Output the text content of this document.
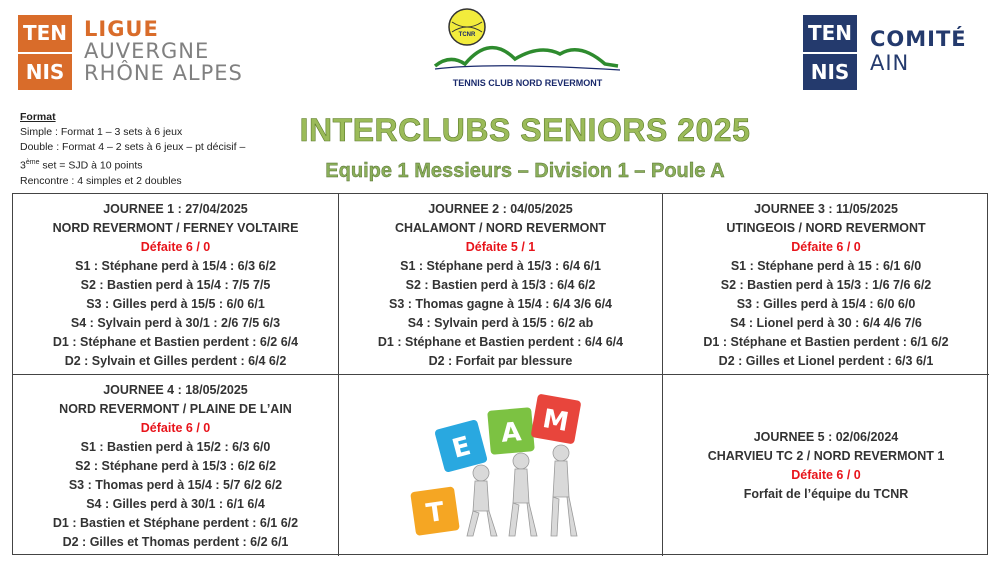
TEN
NIS
LIGUE
AUVERGNE
RHÔNE ALPES
TCNR
TENNIS CLUB NORD REVERMONT
TEN
NIS
COMITÉ
AIN
Format
Simple : Format 1 – 3 sets à 6 jeux
Double : Format 4 – 2 sets à 6 jeux – pt décisif –
3ème set = SJD à 10 points
Rencontre : 4 simples et 2 doubles
INTERCLUBS SENIORS 2025
Equipe 1 Messieurs – Division 1 – Poule A
JOURNEE 1 : 27/04/2025
NORD REVERMONT / FERNEY VOLTAIRE
Défaite 6 / 0
S1 : Stéphane perd à 15/4 : 6/3 6/2
S2 : Bastien perd à 15/4 : 7/5 7/5
S3 : Gilles perd à 15/5 : 6/0 6/1
S4 : Sylvain perd à 30/1 : 2/6 7/5 6/3
D1 : Stéphane et Bastien perdent : 6/2 6/4
D2 : Sylvain et Gilles perdent : 6/4 6/2
JOURNEE 2 : 04/05/2025
CHALAMONT / NORD REVERMONT
Défaite 5 / 1
S1 : Stéphane perd à 15/3 : 6/4 6/1
S2 : Bastien perd à 15/3 : 6/4 6/2
S3 : Thomas gagne à 15/4 : 6/4 3/6 6/4
S4 : Sylvain perd à 15/5 : 6/2 ab
D1 : Stéphane et Bastien perdent : 6/4 6/4
D2 : Forfait par blessure
JOURNEE 3 : 11/05/2025
UTINGEOIS / NORD REVERMONT
Défaite 6 / 0
S1 : Stéphane perd à 15 : 6/1 6/0
S2 : Bastien perd à 15/3 : 1/6 7/6 6/2
S3 : Gilles perd à 15/4 : 6/0 6/0
S4 : Lionel perd à 30 : 6/4 4/6 7/6
D1 : Stéphane et Bastien perdent : 6/1 6/2
D2 : Gilles et Lionel perdent : 6/3 6/1
JOURNEE 4 : 18/05/2025
NORD REVERMONT / PLAINE DE L’AIN
Défaite 6 / 0
S1 : Bastien perd à 15/2 : 6/3 6/0
S2 : Stéphane perd à 15/3 : 6/2 6/2
S3 : Thomas perd à 15/4 : 5/7 6/2 6/2
S4 : Gilles perd à 30/1 : 6/1 6/4
D1 : Bastien et Stéphane perdent : 6/1 6/2
D2 : Gilles et Thomas perdent : 6/2 6/1
T
E A M	JOURNEE 5 : 02/06/2024
CHARVIEU TC 2 / NORD REVERMONT 1
Défaite 6 / 0
Forfait de l’équipe du TCNR
